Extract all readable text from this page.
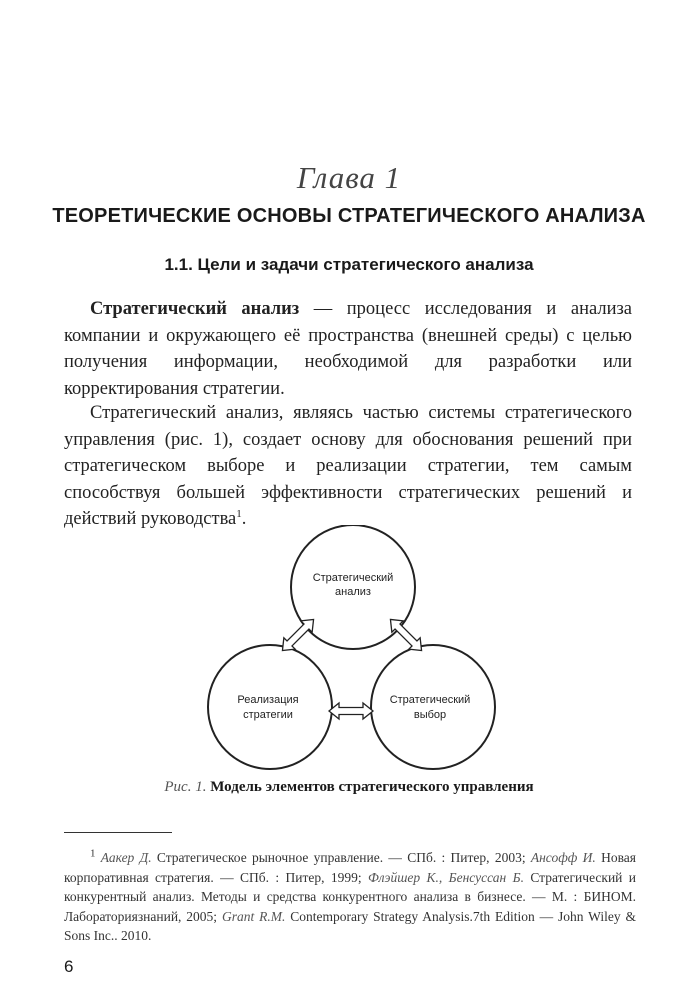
Глава 1
ТЕОРЕТИЧЕСКИЕ ОСНОВЫ СТРАТЕГИЧЕСКОГО АНАЛИЗА
1.1. Цели и задачи стратегического анализа

Стратегический анализ — процесс исследования и анализа компании и окружающего её пространства (внешней среды) с целью получения информации, необходимой для разработки или корректирования стратегии.

Стратегический анализ, являясь частью системы стратегического управления (рис. 1), создает основу для обоснования решений при стратегическом выборе и реализации стратегии, тем самым способствуя большей эффективности стратегических решений и действий руководства$^1$.

Стратегический
анализ
Реализация
стратегии
Стратегический
выбор
Рис. 1. Модель элементов стратегического управления

$^1$ Аакер Д. Стратегическое рыночное управление. — СПб. : Питер, 2003; Ансофф И. Новая корпоративная стратегия. — СПб. : Питер, 1999; Флэйшер К., Бенсуссан Б. Стратегический и конкурентный анализ. Методы и средства конкурентного анализа в бизнесе. — М. : БИНОМ. Лабораториязнаний, 2005; Grant R.M. Contemporary Strategy Analysis.7th Edition — John Wiley & Sons Inc.. 2010.

6
